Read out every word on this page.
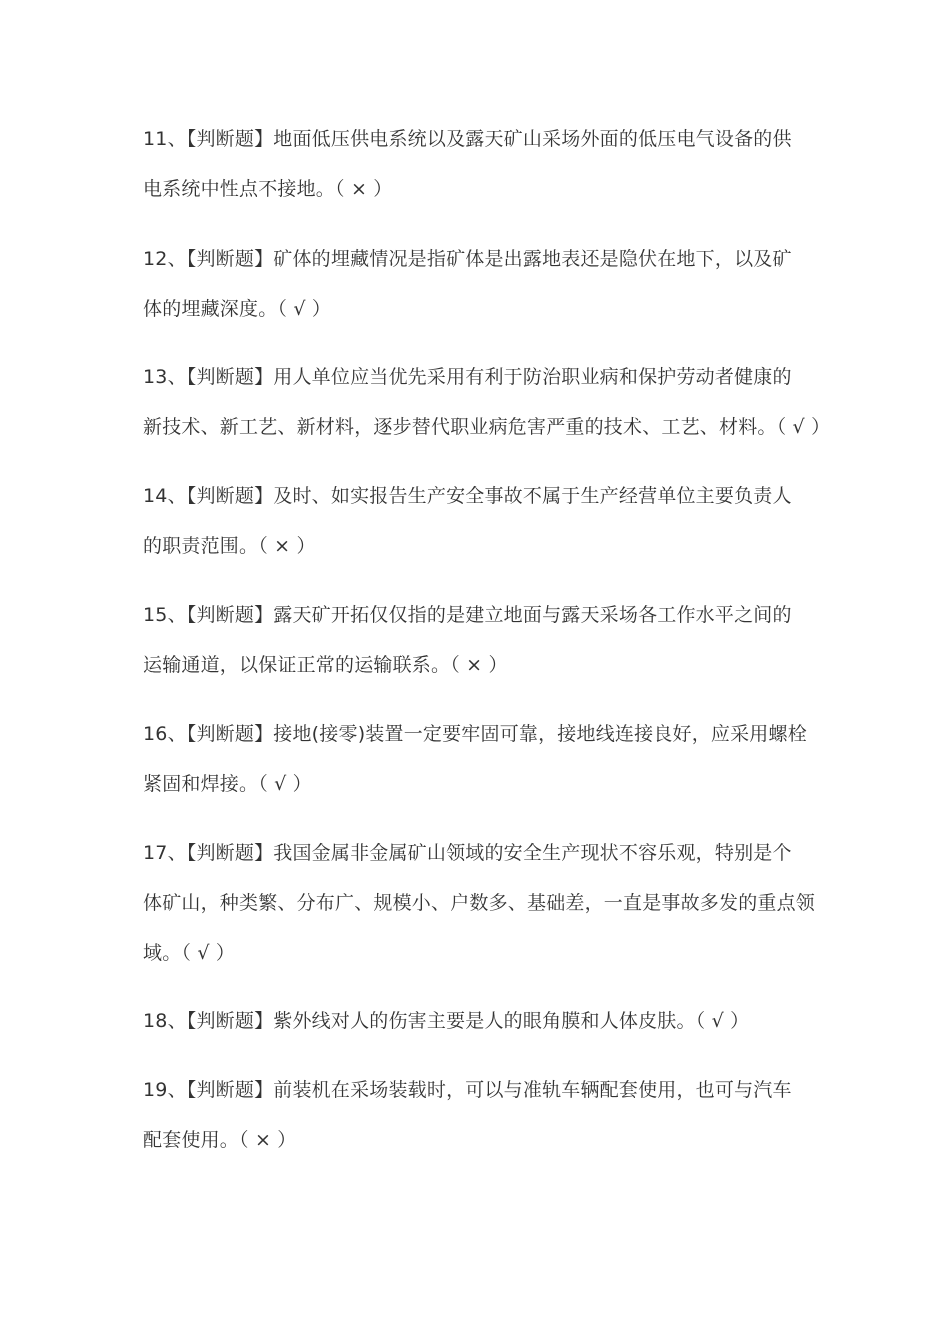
11、【判断题】地面低压供电系统以及露天矿山采场外面的低压电气设备的供
电系统中性点不接地。（ × ）
12、【判断题】矿体的埋藏情况是指矿体是出露地表还是隐伏在地下，以及矿
体的埋藏深度。（ √ ）
13、【判断题】用人单位应当优先采用有利于防治职业病和保护劳动者健康的
新技术、新工艺、新材料，逐步替代职业病危害严重的技术、工艺、材料。（ √ ）
14、【判断题】及时、如实报告生产安全事故不属于生产经营单位主要负责人
的职责范围。（ × ）
15、【判断题】露天矿开拓仅仅指的是建立地面与露天采场各工作水平之间的
运输通道，以保证正常的运输联系。（ × ）
16、【判断题】接地(接零)装置一定要牢固可靠，接地线连接良好，应采用螺栓
紧固和焊接。（ √ ）
17、【判断题】我国金属非金属矿山领域的安全生产现状不容乐观，特别是个
体矿山，种类繁、分布广、规模小、户数多、基础差，一直是事故多发的重点领
域。（ √ ）
18、【判断题】紫外线对人的伤害主要是人的眼角膜和人体皮肤。（ √ ）
19、【判断题】前装机在采场装载时，可以与准轨车辆配套使用，也可与汽车
配套使用。（ × ）
